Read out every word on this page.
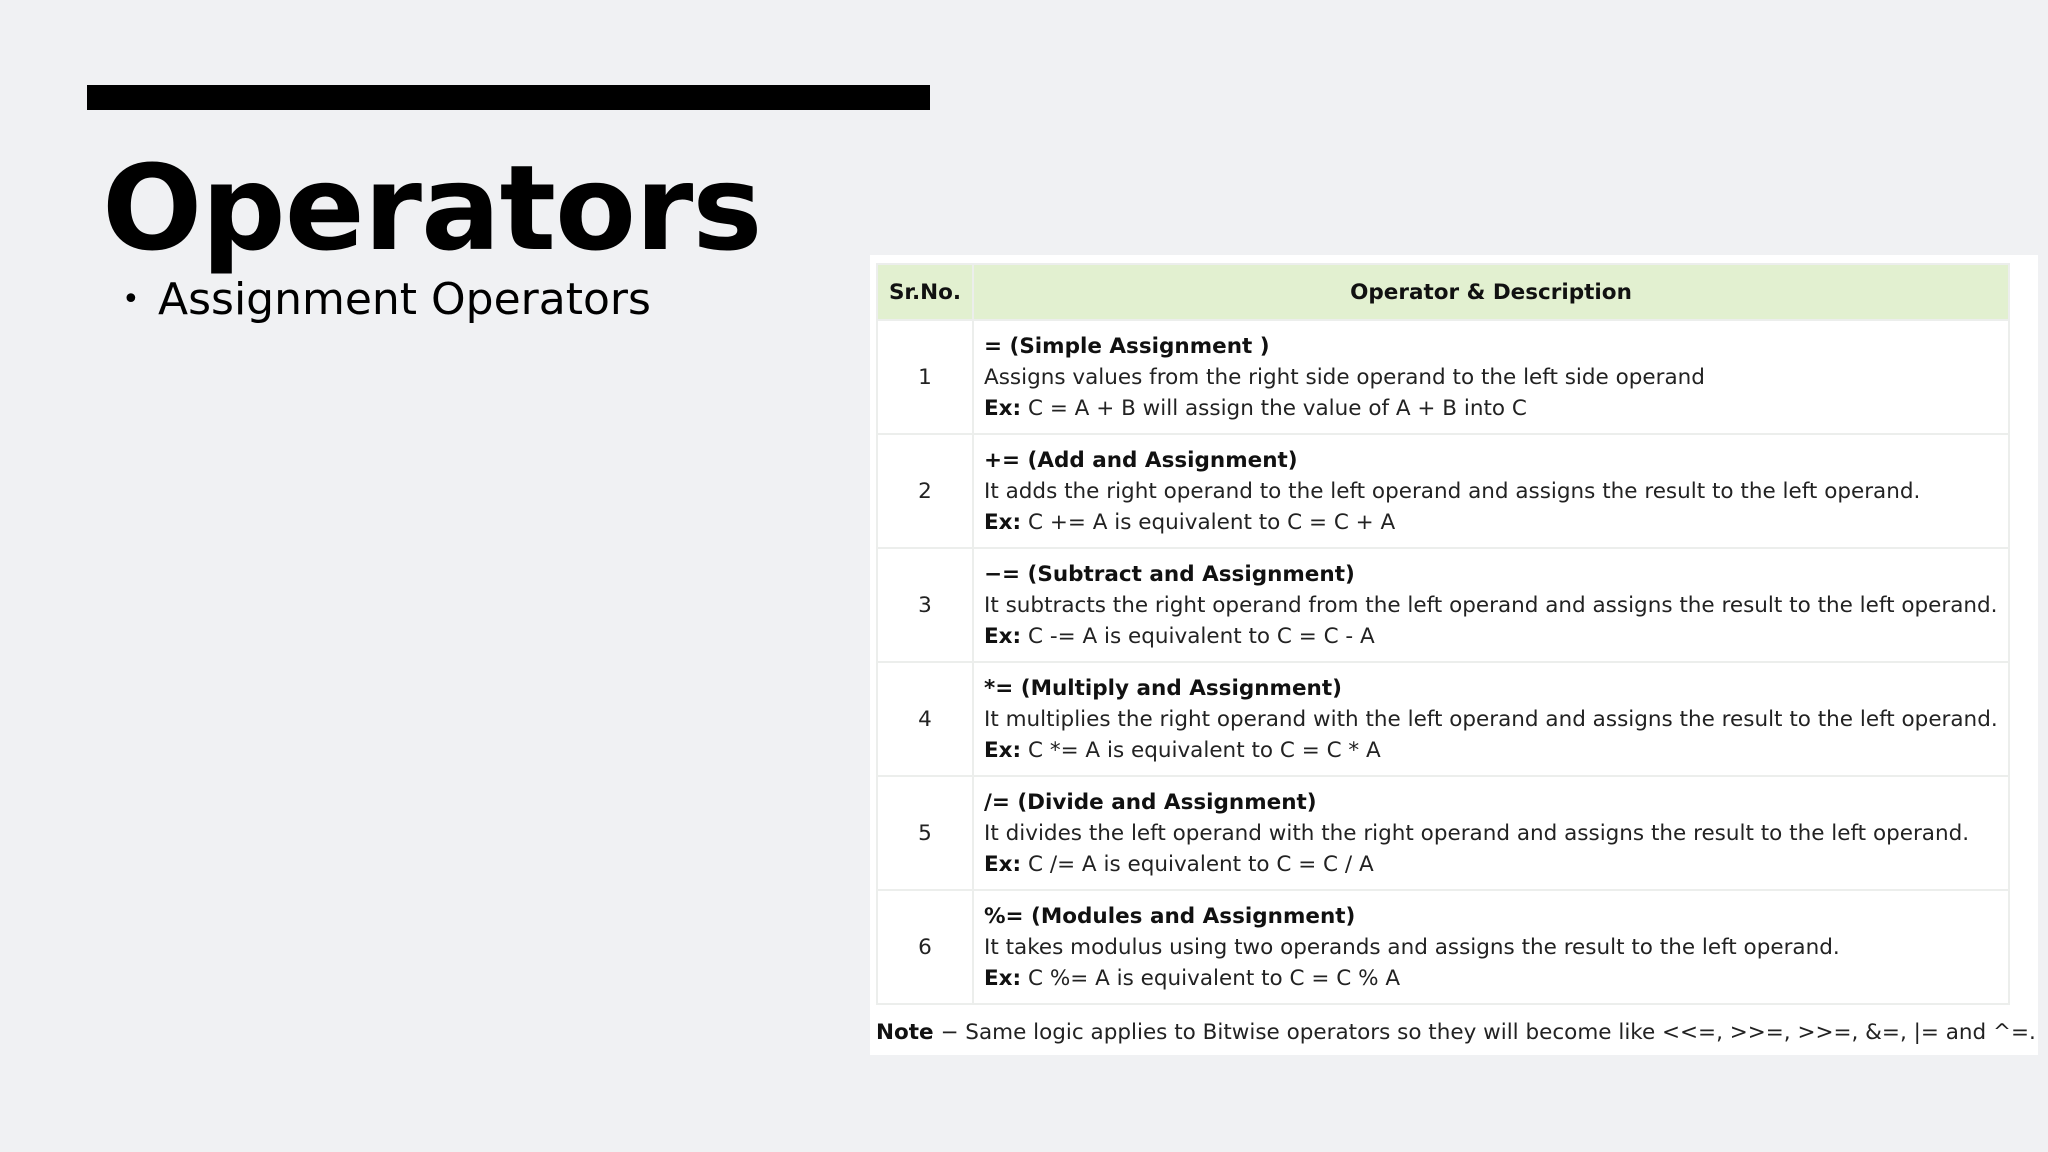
Operators
• Assignment Operators	Sr.No.	Operator & Description
1	= (Simple Assignment )
Assigns values from the right side operand to the left side operand
Ex: C = A + B will assign the value of A + B into C

2	+= (Add and Assignment)
It adds the right operand to the left operand and assigns the result to the left operand.
Ex: C += A is equivalent to C = C + A

3	−= (Subtract and Assignment)
It subtracts the right operand from the left operand and assigns the result to the left operand.
Ex: C -= A is equivalent to C = C - A

4	*= (Multiply and Assignment)
It multiplies the right operand with the left operand and assigns the result to the left operand.
Ex: C *= A is equivalent to C = C * A

5	/= (Divide and Assignment)
It divides the left operand with the right operand and assigns the result to the left operand.
Ex: C /= A is equivalent to C = C / A

6	%= (Modules and Assignment)
It takes modulus using two operands and assigns the result to the left operand.
Ex: C %= A is equivalent to C = C % A
Note − Same logic applies to Bitwise operators so they will become like <<=, >>=, >>=, &=, |= and ^=.
